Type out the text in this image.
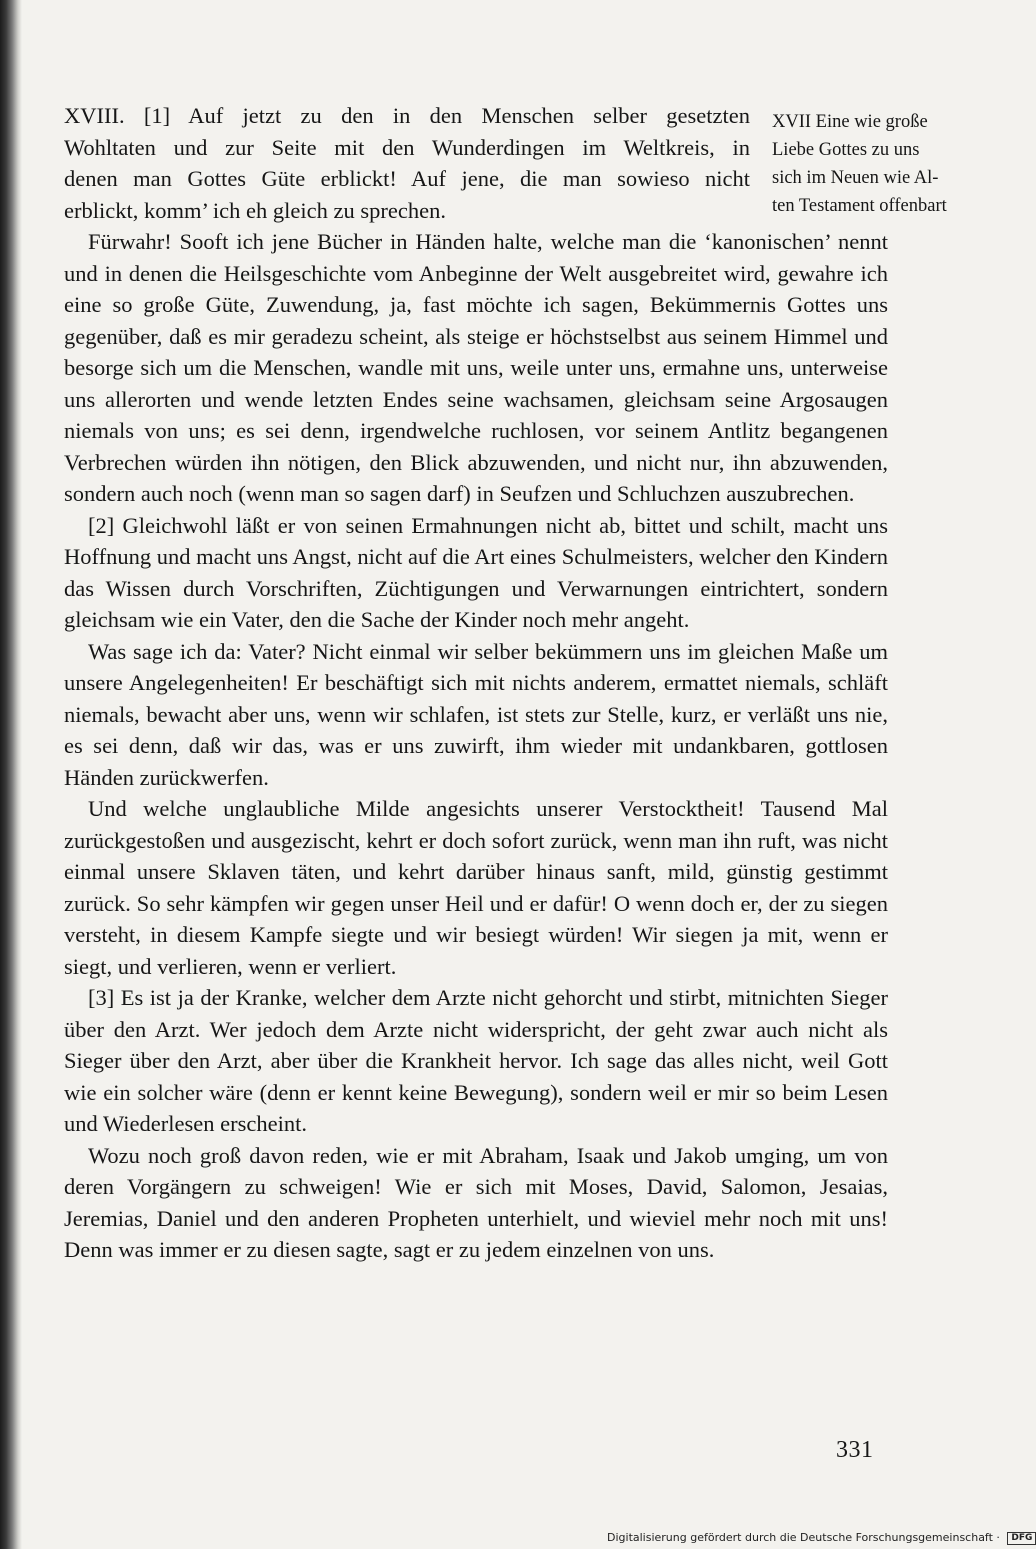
XVIII. [1] Auf jetzt zu den in den Menschen selber gesetzten
Wohltaten und zur Seite mit den Wunderdingen im Weltkreis, in
denen man Gottes Güte erblickt! Auf jene, die man sowieso nicht
erblickt, komm’ ich eh gleich zu sprechen.

Fürwahr! Sooft ich jene Bücher in Händen halte, welche man die ‘kanonischen’ nennt und in denen die Heilsgeschichte vom Anbeginne der Welt ausgebreitet wird, gewahre ich eine so große Güte, Zuwendung, ja, fast möchte ich sagen, Bekümmernis Gottes uns gegenüber, daß es mir geradezu scheint, als steige er höchstselbst aus seinem Himmel und besorge sich um die Menschen, wandle mit uns, weile unter uns, ermahne uns, unterweise uns allerorten und wende letzten Endes seine wachsamen, gleichsam seine Argosaugen niemals von uns; es sei denn, irgendwelche ruchlosen, vor seinem Antlitz begangenen Verbrechen würden ihn nötigen, den Blick abzuwenden, und nicht nur, ihn abzuwenden, sondern auch noch (wenn man so sagen darf) in Seufzen und Schluchzen auszubrechen.

[2] Gleichwohl läßt er von seinen Ermahnungen nicht ab, bittet und schilt, macht uns Hoffnung und macht uns Angst, nicht auf die Art eines Schulmeisters, welcher den Kindern das Wissen durch Vorschriften, Züchtigungen und Verwarnungen eintrichtert, sondern gleichsam wie ein Vater, den die Sache der Kinder noch mehr angeht.

Was sage ich da: Vater? Nicht einmal wir selber bekümmern uns im gleichen Maße um unsere Angelegenheiten! Er beschäftigt sich mit nichts anderem, ermattet niemals, schläft niemals, bewacht aber uns, wenn wir schlafen, ist stets zur Stelle, kurz, er verläßt uns nie, es sei denn, daß wir das, was er uns zuwirft, ihm wieder mit undankbaren, gottlosen Händen zurückwerfen.

Und welche unglaubliche Milde angesichts unserer Verstocktheit! Tausend Mal zurückgestoßen und ausgezischt, kehrt er doch sofort zurück, wenn man ihn ruft, was nicht einmal unsere Sklaven täten, und kehrt darüber hinaus sanft, mild, günstig gestimmt zurück. So sehr kämpfen wir gegen unser Heil und er dafür! O wenn doch er, der zu siegen versteht, in diesem Kampfe siegte und wir besiegt würden! Wir siegen ja mit, wenn er siegt, und verlieren, wenn er verliert.

[3] Es ist ja der Kranke, welcher dem Arzte nicht gehorcht und stirbt, mitnichten Sieger über den Arzt. Wer jedoch dem Arzte nicht widerspricht, der geht zwar auch nicht als Sieger über den Arzt, aber über die Krankheit hervor. Ich sage das alles nicht, weil Gott wie ein solcher wäre (denn er kennt keine Bewegung), sondern weil er mir so beim Lesen und Wiederlesen erscheint.

Wozu noch groß davon reden, wie er mit Abraham, Isaak und Jakob umging, um von deren Vorgängern zu schweigen! Wie er sich mit Moses, David, Salomon, Jesaias, Jeremias, Daniel und den anderen Propheten unterhielt, und wieviel mehr noch mit uns! Denn was immer er zu diesen sagte, sagt er zu jedem einzelnen von uns.

XVII Eine wie große
Liebe Gottes zu uns
sich im Neuen wie Al-
ten Testament offenbart
331
Digitalisierung gefördert durch die Deutsche Forschungsgemeinschaft · DFG
